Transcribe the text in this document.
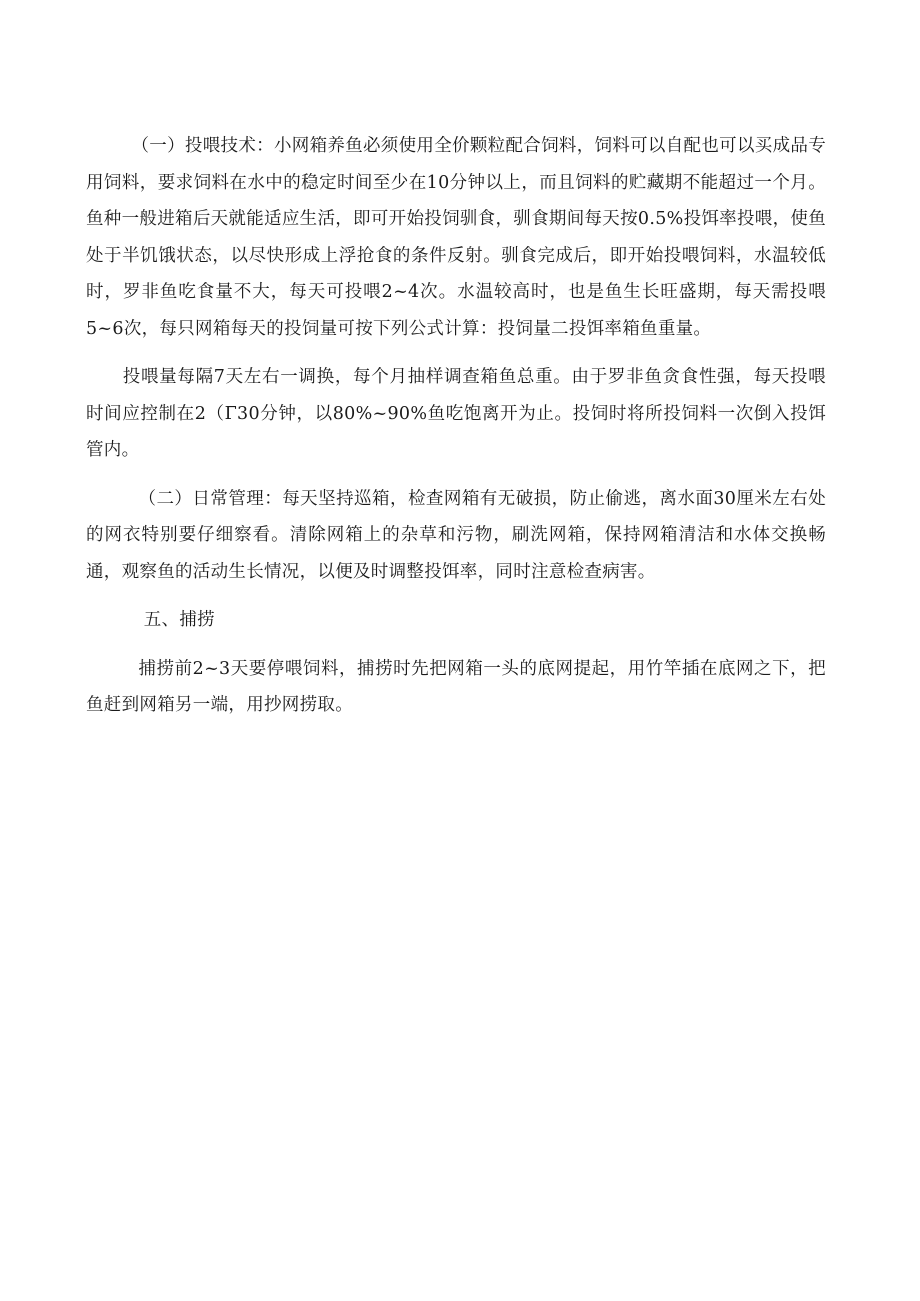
（一）投喂技术：小网箱养鱼必须使用全价颗粒配合饲料，饲料可以自配也可以买成品专用饲料，要求饲料在水中的稳定时间至少在10分钟以上，而且饲料的贮藏期不能超过一个月。鱼种一般进箱后天就能适应生活，即可开始投饲驯食，驯食期间每天按0.5%投饵率投喂，使鱼处于半饥饿状态，以尽快形成上浮抢食的条件反射。驯食完成后，即开始投喂饲料，水温较低时，罗非鱼吃食量不大，每天可投喂2~4次。水温较高时，也是鱼生长旺盛期，每天需投喂5~6次，每只网箱每天的投饲量可按下列公式计算：投饲量二投饵率箱鱼重量。

投喂量每隔7天左右一调换，每个月抽样调查箱鱼总重。由于罗非鱼贪食性强，每天投喂时间应控制在2（Γ30分钟，以80%~90%鱼吃饱离开为止。投饲时将所投饲料一次倒入投饵管内。

（二）日常管理：每天坚持巡箱，检查网箱有无破损，防止偷逃，离水面30厘米左右处的网衣特别要仔细察看。清除网箱上的杂草和污物，刷洗网箱，保持网箱清洁和水体交换畅通，观察鱼的活动生长情况，以便及时调整投饵率，同时注意检查病害。

五、捕捞

捕捞前2~3天要停喂饲料，捕捞时先把网箱一头的底网提起，用竹竿插在底网之下，把鱼赶到网箱另一端，用抄网捞取。
